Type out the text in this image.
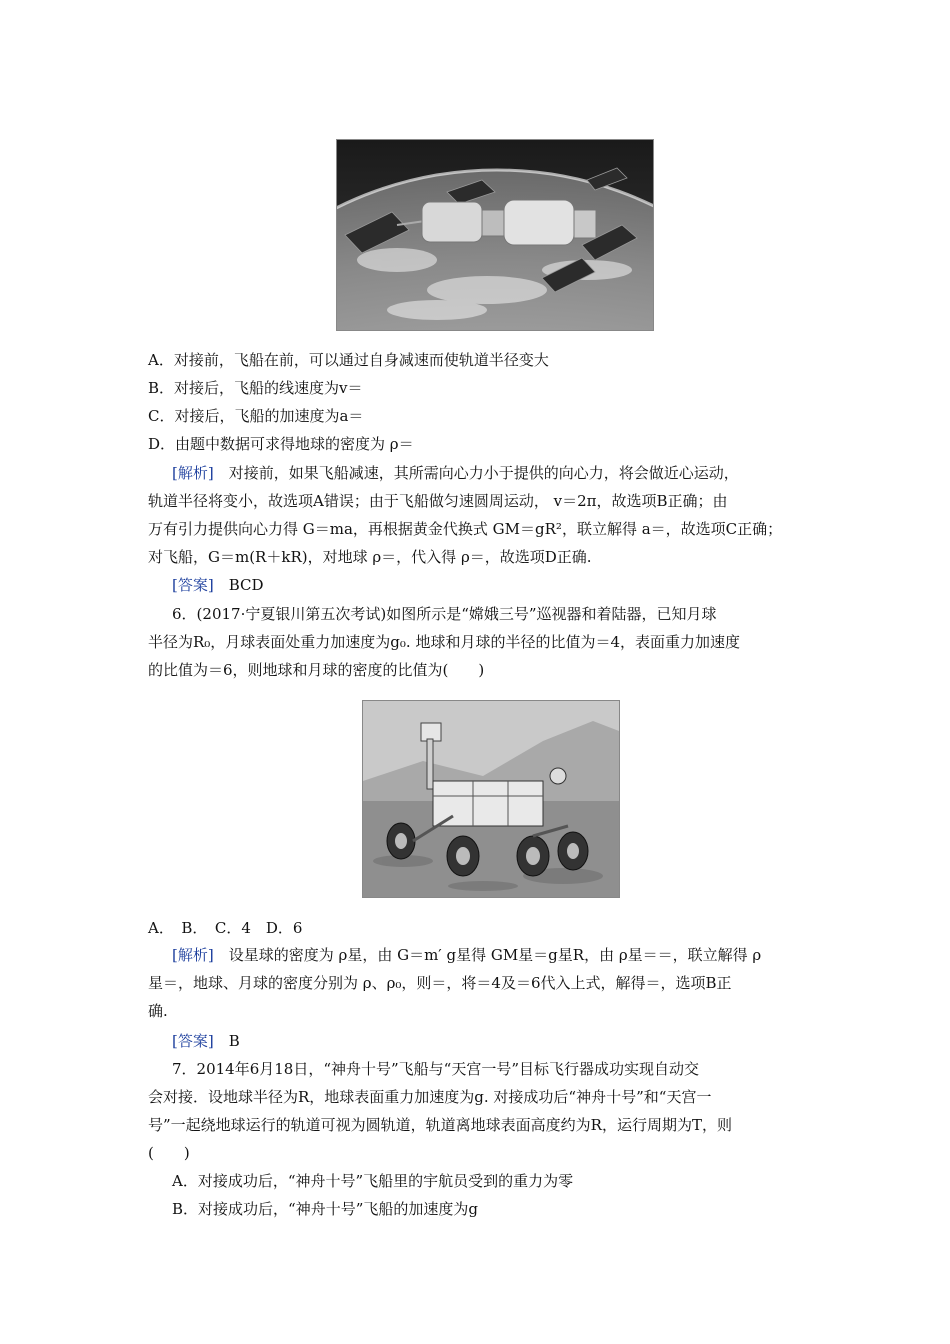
A．对接前，飞船在前，可以通过自身减速而使轨道半径变大
B．对接后，飞船的线速度为v＝
C．对接后，飞船的加速度为a＝
D．由题中数据可求得地球的密度为 ρ＝
[解析]　 对接前，如果飞船减速，其所需向心力小于提供的向心力，将会做近心运动，
轨道半径将变小，故选项A错误；由于飞船做匀速圆周运动， v＝2π，故选项B正确；由
万有引力提供向心力得 G＝ma，再根据黄金代换式 GM＝gR²，联立解得 a＝，故选项C正确；
对飞船，G＝m(R＋kR)，对地球 ρ＝，代入得 ρ＝，故选项D正确.
[答案]　 BCD
6．(2017·宁夏银川第五次考试)如图所示是“嫦娥三号”巡视器和着陆器，已知月球
半径为R₀，月球表面处重力加速度为g₀. 地球和月球的半径的比值为＝4，表面重力加速度
的比值为＝6，则地球和月球的密度的比值为(　　)
A．　B．　C．4　D．6
[解析]　 设星球的密度为 ρ星，由 G＝m′ g星得 GM星＝g星R，由 ρ星＝＝，联立解得 ρ
星＝，地球、月球的密度分别为 ρ、ρ₀，则＝，将＝4及＝6代入上式，解得＝，选项B正
确.
[答案]　 B
7．2014年6月18日，“神舟十号”飞船与“天宫一号”目标飞行器成功实现自动交
会对接．设地球半径为R，地球表面重力加速度为g. 对接成功后“神舟十号”和“天宫一
号”一起绕地球运行的轨道可视为圆轨道，轨道离地球表面高度约为R，运行周期为T，则
(　　)
A．对接成功后，“神舟十号”飞船里的宇航员受到的重力为零
B．对接成功后，“神舟十号”飞船的加速度为g
